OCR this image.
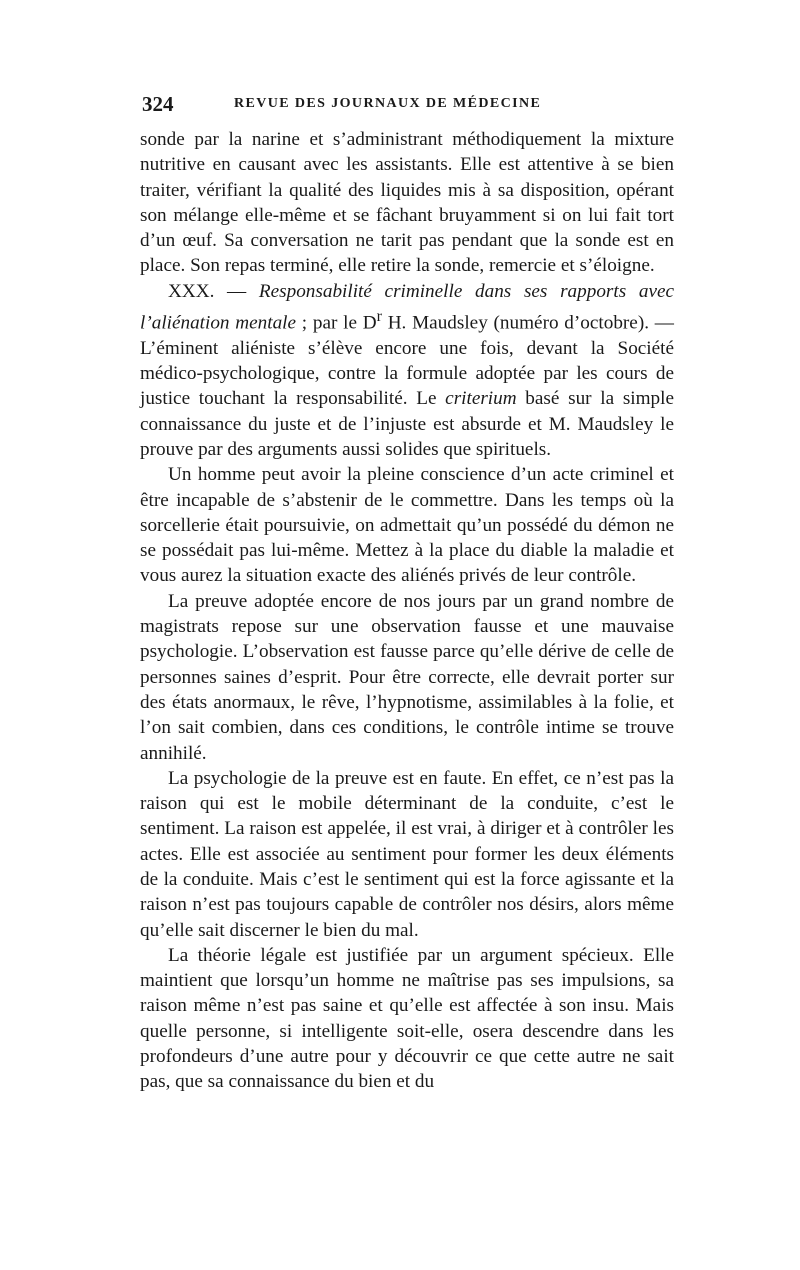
324	REVUE DES JOURNAUX DE MÉDECINE

sonde par la narine et s’administrant méthodiquement la mixture nutritive en causant avec les assistants. Elle est attentive à se bien traiter, vérifiant la qualité des liquides mis à sa disposition, opérant son mélange elle-même et se fâchant bruyamment si on lui fait tort d’un œuf. Sa conversation ne tarit pas pendant que la sonde est en place. Son repas terminé, elle retire la sonde, remercie et s’éloigne.

XXX. — Responsabilité criminelle dans ses rapports avec l’aliénation mentale ; par le $D^r$ H. Maudsley (numéro d’octobre). — L’éminent aliéniste s’élève encore une fois, devant la Société médico-psychologique, contre la formule adoptée par les cours de justice touchant la responsabilité. Le criterium basé sur la simple connaissance du juste et de l’injuste est absurde et M. Maudsley le prouve par des arguments aussi solides que spirituels.

Un homme peut avoir la pleine conscience d’un acte criminel et être incapable de s’abstenir de le commettre. Dans les temps où la sorcellerie était poursuivie, on admettait qu’un possédé du démon ne se possédait pas lui-même. Mettez à la place du diable la maladie et vous aurez la situation exacte des aliénés privés de leur contrôle.

La preuve adoptée encore de nos jours par un grand nombre de magistrats repose sur une observation fausse et une mauvaise psychologie. L’observation est fausse parce qu’elle dérive de celle de personnes saines d’esprit. Pour être correcte, elle devrait porter sur des états anormaux, le rêve, l’hypnotisme, assimilables à la folie, et l’on sait combien, dans ces conditions, le contrôle intime se trouve annihilé.

La psychologie de la preuve est en faute. En effet, ce n’est pas la raison qui est le mobile déterminant de la conduite, c’est le sentiment. La raison est appelée, il est vrai, à diriger et à contrôler les actes. Elle est associée au sentiment pour former les deux éléments de la conduite. Mais c’est le sentiment qui est la force agissante et la raison n’est pas toujours capable de contrôler nos désirs, alors même qu’elle sait discerner le bien du mal.

La théorie légale est justifiée par un argument spécieux. Elle maintient que lorsqu’un homme ne maîtrise pas ses impulsions, sa raison même n’est pas saine et qu’elle est affectée à son insu. Mais quelle personne, si intelligente soit-elle, osera descendre dans les profondeurs d’une autre pour y découvrir ce que cette autre ne sait pas, que sa connaissance du bien et du
